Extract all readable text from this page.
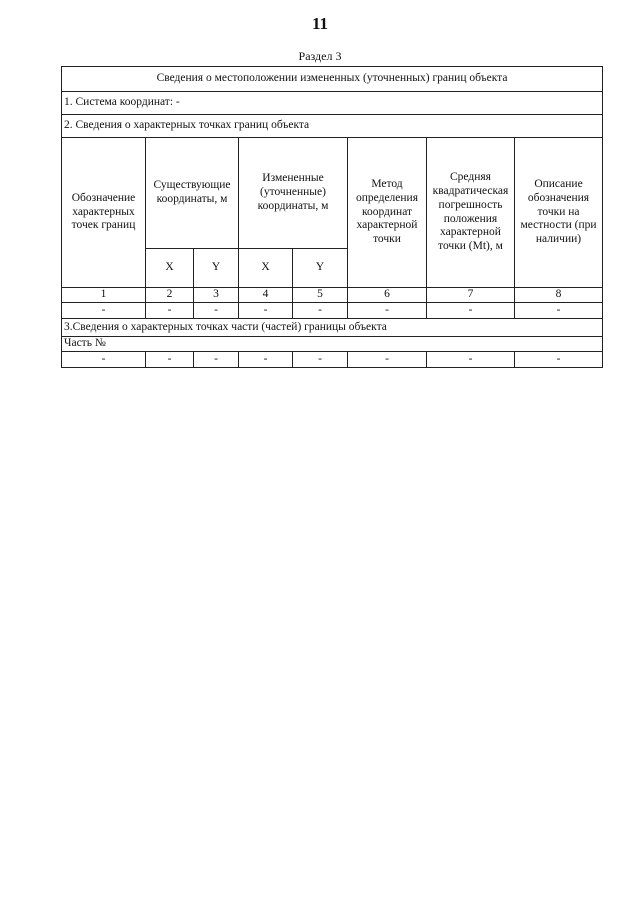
11
Раздел 3
Сведения о местоположении измененных (уточненных) границ объекта							
1. Система координат: -							
2. Сведения о характерных точках границ объекта							
Обозначение характерных точек границ	Существующие координаты, м		Измененные (уточненные) координаты, м		Метод определения координат характерной точки	Средняя квадратическая погрешность положения характерной точки (Mt), м	Описание обозначения точки на местности (при наличии)
	X	Y	X	Y			
1	2	3	4	5	6	7	8
-	-	-	-	-	-	-	-
3.Сведения о характерных точках части (частей) границы объекта							
Часть №							
-	-	-	-	-	-	-	-
